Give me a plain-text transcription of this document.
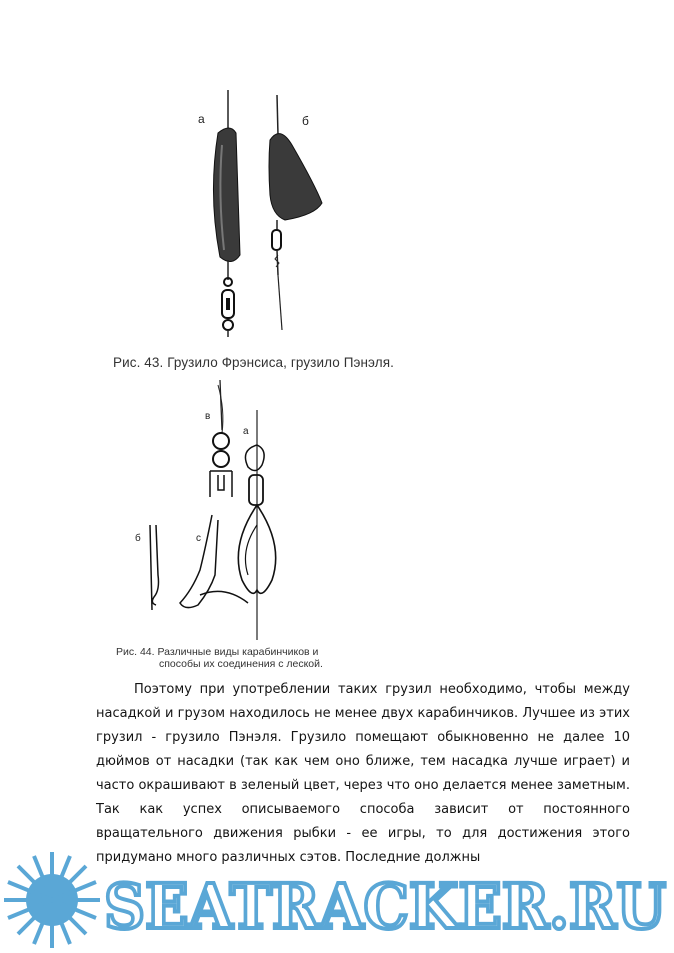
а	б
Рис. 43. Грузило Фрэнсиса, грузило Пэнэля.
в
а
б	с
Рис. 44. Различные виды карабинчиков и
способы их соединения с леской.

Поэтому при употреблении таких грузил необходимо, чтобы между насадкой и грузом находилось не менее двух карабинчиков. Лучшее из этих грузил - грузило Пэнэля. Грузило помещают обыкновенно не далее 10 дюймов от насадки (так как чем оно ближе, тем насадка лучше играет) и часто окрашивают в зеленый цвет, через что оно делается менее заметным. Так как успех описываемого способа зависит от постоянного вращательного движения рыбки - ее игры, то для достижения этого придумано много различных сэтов. Последние должны

SEATRACKER.RU
